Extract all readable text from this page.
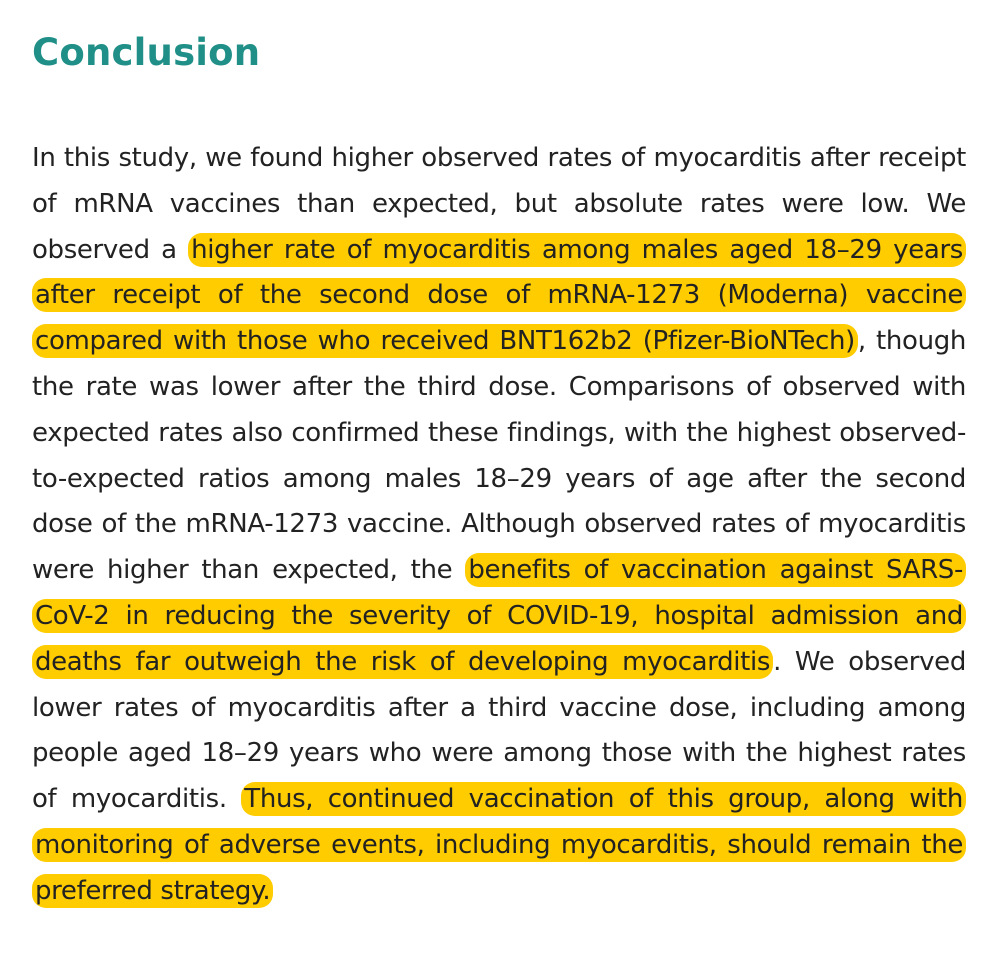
Conclusion

In this study, we found higher observed rates of myocarditis after receipt of mRNA vaccines than expected, but absolute rates were low. We observed a higher rate of myocarditis among males aged 18–29 years after receipt of the second dose of mRNA-1273 (Moderna) vaccine compared with those who received BNT162b2 (Pfizer-BioNTech) , though the rate was lower after the third dose. Comparisons of observed with expected rates also confirmed these findings, with the highest observed-to-expected ratios among males 18–29 years of age after the second dose of the mRNA-1273 vaccine. Although observed rates of myocarditis were higher than expected, the benefits of vaccination against SARS-CoV-2 in reducing the severity of COVID-19, hospital admission and deaths far outweigh the risk of developing myocarditis . We observed lower rates of myocarditis after a third vaccine dose, including among people aged 18–29 years who were among those with the highest rates of myocarditis. Thus, continued vaccination of this group, along with monitoring of adverse events, including myocarditis, should remain the preferred strategy.
